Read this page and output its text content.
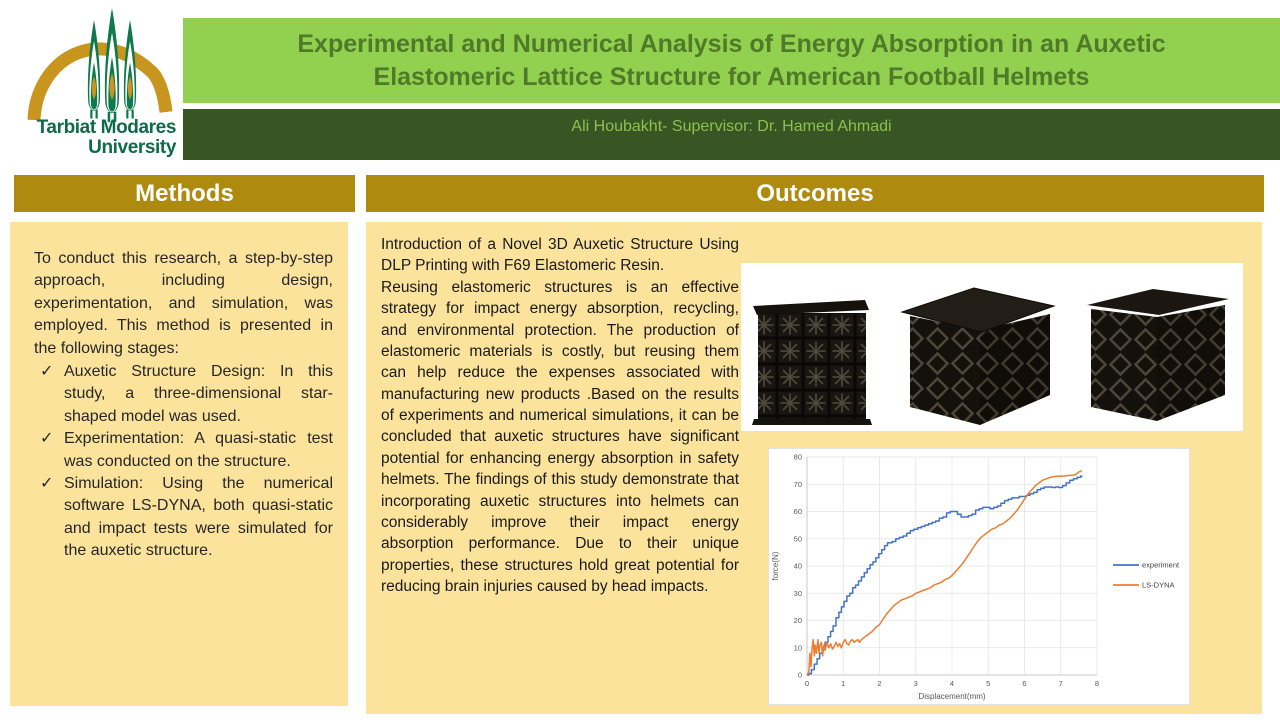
Tarbiat Modares
University
Experimental and Numerical Analysis of Energy Absorption in an Auxetic Elastomeric Lattice Structure for American Football Helmets
Ali Houbakht- Supervisor: Dr. Hamed Ahmadi
Methods	Outcomes

To conduct this research, a step-by-step approach, including design, experimentation, and simulation, was employed. This method is presented in the following stages:

✓ Auxetic Structure Design: In this study, a three-dimensional star-shaped model was used.
✓ Experimentation: A quasi-static test was conducted on the structure.
✓ Simulation: Using the numerical software LS-DYNA, both quasi-static and impact tests were simulated for the auxetic structure.

Introduction of a Novel 3D Auxetic Structure Using DLP Printing with F69 Elastomeric Resin.

Reusing elastomeric structures is an effective strategy for impact energy absorption, recycling, and environmental protection. The production of elastomeric materials is costly, but reusing them can help reduce the expenses associated with manufacturing new products .Based on the results of experiments and numerical simulations, it can be concluded that auxetic structures have significant potential for enhancing energy absorption in safety helmets. The findings of this study demonstrate that incorporating auxetic structures into helmets can considerably improve their impact energy absorption performance. Due to their unique properties, these structures hold great potential for reducing brain injuries caused by head impacts.

0
10
20
30
40
50
60
70
80
0	1	2	3	4	5	6	7	8
Displacement(mm)
force(N)	experiment
LS-DYNA
